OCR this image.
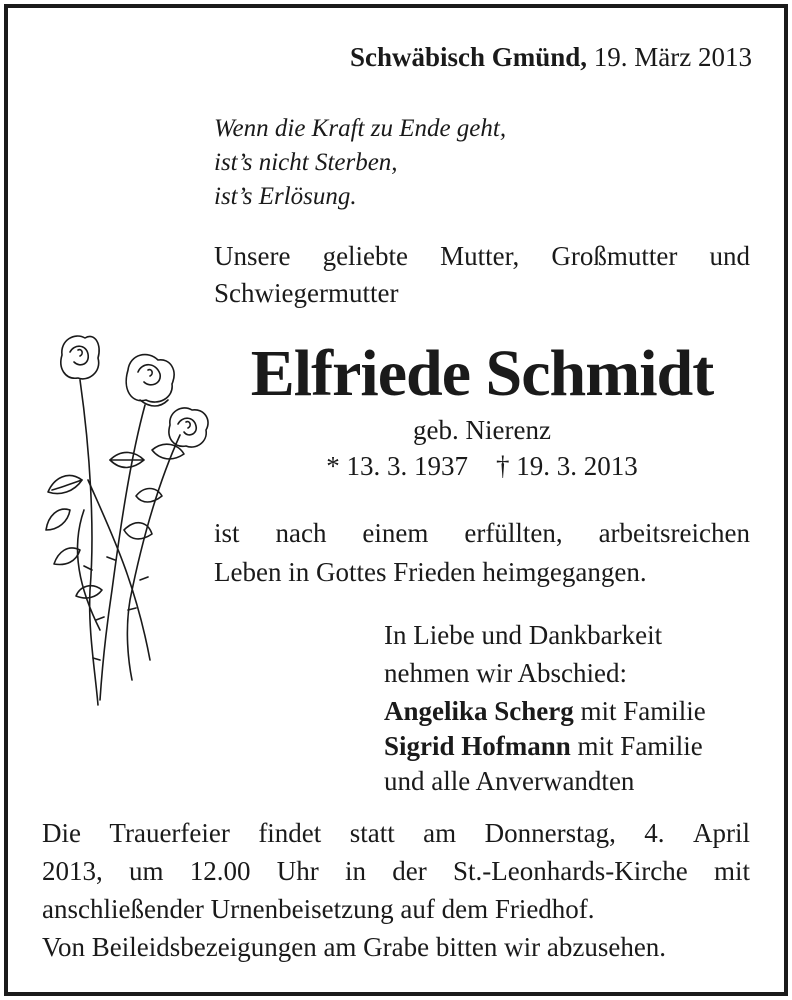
Schwäbisch Gmünd, 19. März 2013
Wenn die Kraft zu Ende geht,
ist’s nicht Sterben,
ist’s Erlösung.
Unsere geliebte Mutter, Großmutter und
Schwiegermutter
Elfriede Schmidt
geb. Nierenz
* 13. 3. 1937 † 19. 3. 2013
ist nach einem erfüllten, arbeitsreichen
Leben in Gottes Frieden heimgegangen.
In Liebe und Dankbarkeit
nehmen wir Abschied:
Angelika Scherg mit Familie
Sigrid Hofmann mit Familie
und alle Anverwandten
Die Trauerfeier findet statt am Donnerstag, 4. April
2013, um 12.00 Uhr in der St.-Leonhards-Kirche mit
anschließender Urnenbeisetzung auf dem Friedhof.
Von Beileidsbezeigungen am Grabe bitten wir abzusehen.
